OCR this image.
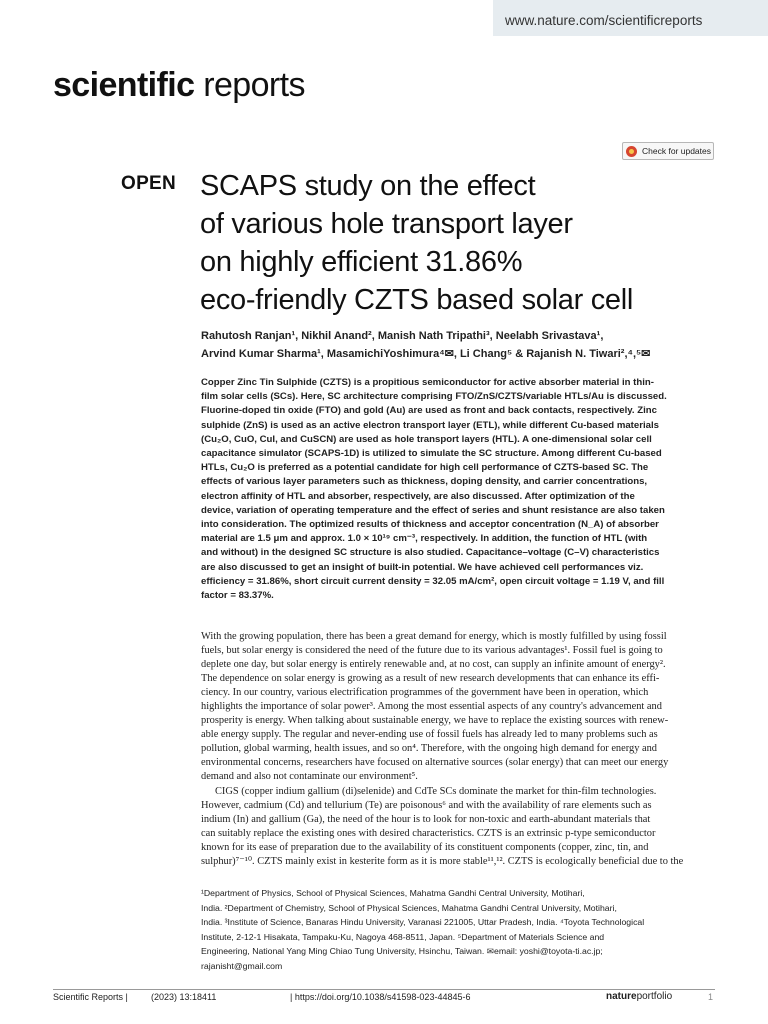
www.nature.com/scientificreports
scientific reports
Check for updates
OPEN SCAPS study on the effect
of various hole transport layer
on highly efficient 31.86%
eco-friendly CZTS based solar cell
Rahutosh Ranjan¹, Nikhil Anand², Manish Nath Tripathi³, Neelabh Srivastava¹,
Arvind Kumar Sharma¹, MasamichiYoshimura⁴✉, Li Chang⁵ & Rajanish N. Tiwari²,⁴,⁵✉
Copper Zinc Tin Sulphide (CZTS) is a propitious semiconductor for active absorber material in thin-
film solar cells (SCs). Here, SC architecture comprising FTO/ZnS/CZTS/variable HTLs/Au is discussed.
Fluorine-doped tin oxide (FTO) and gold (Au) are used as front and back contacts, respectively. Zinc
sulphide (ZnS) is used as an active electron transport layer (ETL), while different Cu-based materials
(Cu₂O, CuO, CuI, and CuSCN) are used as hole transport layers (HTL). A one-dimensional solar cell
capacitance simulator (SCAPS-1D) is utilized to simulate the SC structure. Among different Cu-based
HTLs, Cu₂O is preferred as a potential candidate for high cell performance of CZTS-based SC. The
effects of various layer parameters such as thickness, doping density, and carrier concentrations,
electron affinity of HTL and absorber, respectively, are also discussed. After optimization of the
device, variation of operating temperature and the effect of series and shunt resistance are also taken
into consideration. The optimized results of thickness and acceptor concentration (N_A) of absorber
material are 1.5 μm and approx. 1.0 × 10¹⁹ cm⁻³, respectively. In addition, the function of HTL (with
and without) in the designed SC structure is also studied. Capacitance–voltage (C–V) characteristics
are also discussed to get an insight of built-in potential. We have achieved cell performances viz.
efficiency = 31.86%, short circuit current density = 32.05 mA/cm², open circuit voltage = 1.19 V, and fill
factor = 83.37%.
With the growing population, there has been a great demand for energy, which is mostly fulfilled by using fossil
fuels, but solar energy is considered the need of the future due to its various advantages¹. Fossil fuel is going to
deplete one day, but solar energy is entirely renewable and, at no cost, can supply an infinite amount of energy².
The dependence on solar energy is growing as a result of new research developments that can enhance its effi-
ciency. In our country, various electrification programmes of the government have been in operation, which
highlights the importance of solar power³. Among the most essential aspects of any country's advancement and
prosperity is energy. When talking about sustainable energy, we have to replace the existing sources with renew-
able energy supply. The regular and never-ending use of fossil fuels has already led to many problems such as
pollution, global warming, health issues, and so on⁴. Therefore, with the ongoing high demand for energy and
environmental concerns, researchers have focused on alternative sources (solar energy) that can meet our energy
demand and also not contaminate our environment⁵.
CIGS (copper indium gallium (di)selenide) and CdTe SCs dominate the market for thin-film technologies.
However, cadmium (Cd) and tellurium (Te) are poisonous⁶ and with the availability of rare elements such as
indium (In) and gallium (Ga), the need of the hour is to look for non-toxic and earth-abundant materials that
can suitably replace the existing ones with desired characteristics. CZTS is an extrinsic p-type semiconductor
known for its ease of preparation due to the availability of its constituent components (copper, zinc, tin, and
sulphur)⁷⁻¹⁰. CZTS mainly exist in kesterite form as it is more stable¹¹,¹². CZTS is ecologically beneficial due to the
¹Department of Physics, School of Physical Sciences, Mahatma Gandhi Central University, Motihari,
India. ²Department of Chemistry, School of Physical Sciences, Mahatma Gandhi Central University, Motihari,
India. ³Institute of Science, Banaras Hindu University, Varanasi 221005, Uttar Pradesh, India. ⁴Toyota Technological
Institute, 2-12-1 Hisakata, Tampaku-Ku, Nagoya 468-8511, Japan. ⁵Department of Materials Science and
Engineering, National Yang Ming Chiao Tung University, Hsinchu, Taiwan. ✉email: yoshi@toyota-ti.ac.jp;
rajanisht@gmail.com
Scientific Reports |	(2023) 13:18411	| https://doi.org/10.1038/s41598-023-44845-6	natureportfolio	1
